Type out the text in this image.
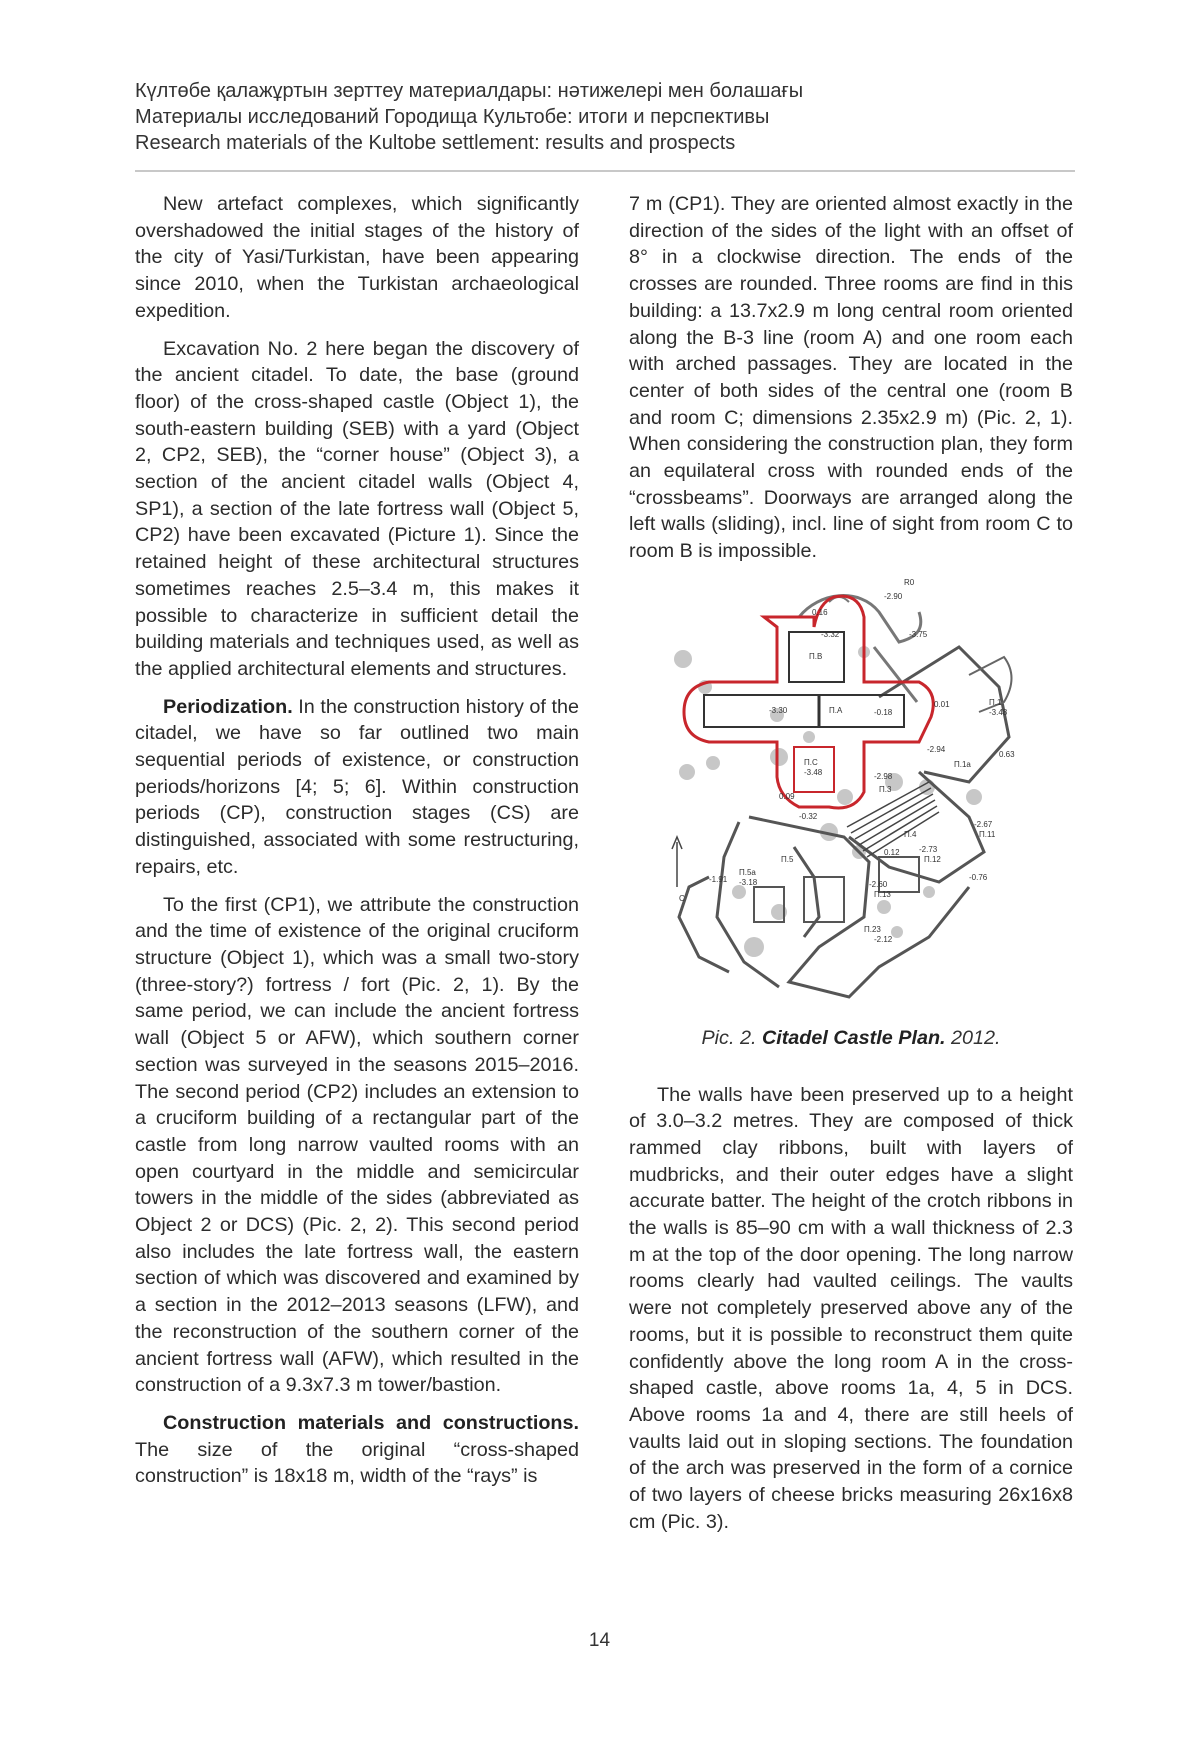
Күлтөбе қалажұртын зерттеу материалдары: нәтижелері мен болашағы
Материалы исследований Городища Культобе: итоги и перспективы
Research materials of the Kultobe settlement: results and prospects

New artefact complexes, which significantly overshadowed the initial stages of the history of the city of Yasi/Turkistan, have been appearing since 2010, when the Turkistan archaeological expedition.

Excavation No. 2 here began the discovery of the ancient citadel. To date, the base (ground floor) of the cross-shaped castle (Object 1), the south-eastern building (SEB) with a yard (Object 2, CP2, SEB), the “corner house” (Object 3), a section of the ancient citadel walls (Object 4, SP1), a section of the late fortress wall (Object 5, CP2) have been excavated (Picture 1). Since the retained height of these architectural structures sometimes reaches 2.5–3.4 m, this makes it possible to characterize in sufficient detail the building materials and techniques used, as well as the applied architectural elements and structures.

Periodization. In the construction history of the citadel, we have so far outlined two main sequential periods of existence, or construction periods/horizons [4; 5; 6]. Within construction periods (CP), construction stages (CS) are distinguished, associated with some restructuring, repairs, etc.

To the first (CP1), we attribute the construction and the time of existence of the original cruciform structure (Object 1), which was a small two-story (three-story?) fortress / fort (Pic. 2, 1). By the same period, we can include the ancient fortress wall (Object 5 or AFW), which southern corner section was surveyed in the seasons 2015–2016. The second period (CP2) includes an extension to a cruciform building of a rectangular part of the castle from long narrow vaulted rooms with an open courtyard in the middle and semicircular towers in the middle of the sides (abbreviated as Object 2 or DCS) (Pic. 2, 2). This second period also includes the late fortress wall, the eastern section of which was discovered and examined by a section in the 2012–2013 seasons (LFW), and the reconstruction of the southern corner of the ancient fortress wall (AFW), which resulted in the construction of a 9.3x7.3 m tower/bastion.

Construction materials and constructions. The size of the original “cross-shaped construction” is 18x18 m, width of the “rays” is

7 m (CP1). They are oriented almost exactly in the direction of the sides of the light with an offset of 8° in a clockwise direction. The ends of the crosses are rounded. Three rooms are find in this building: a 13.7x2.9 m long central room oriented along the B-3 line (room A) and one room each with arched passages. They are located in the center of both sides of the central one (room B and room C; dimensions 2.35x2.9 m) (Pic. 2, 1). When considering the construction plan, they form an equilateral cross with rounded ends of the “crossbeams”. Doorways are arranged along the left walls (sliding), incl. line of sight from room C to room B is impossible.

0.16
-3.32
П.В
-2.90
-3.75
-3.30	П.А	-0.18
0.01	П.1
-3.48
П.С
-3.48
-2.94
П.1а
0.63
-2.98
П.3
0.09
-0.32
П.4
-2.67
П.11
П.5
0.12 -2.73
П.12
-1.91
П.5а
-3.18	-2.60
П.13
-0.76
П.23
-2.12
С
R0
Pic. 2. Citadel Castle Plan. 2012.

The walls have been preserved up to a height of 3.0–3.2 metres. They are composed of thick rammed clay ribbons, built with layers of mudbricks, and their outer edges have a slight accurate batter. The height of the crotch ribbons in the walls is 85–90 cm with a wall thickness of 2.3 m at the top of the door opening. The long narrow rooms clearly had vaulted ceilings. The vaults were not completely preserved above any of the rooms, but it is possible to reconstruct them quite confidently above the long room A in the cross-shaped castle, above rooms 1a, 4, 5 in DCS. Above rooms 1a and 4, there are still heels of vaults laid out in sloping sections. The foundation of the arch was preserved in the form of a cornice of two layers of cheese bricks measuring 26x16x8 cm (Pic. 3).

14
